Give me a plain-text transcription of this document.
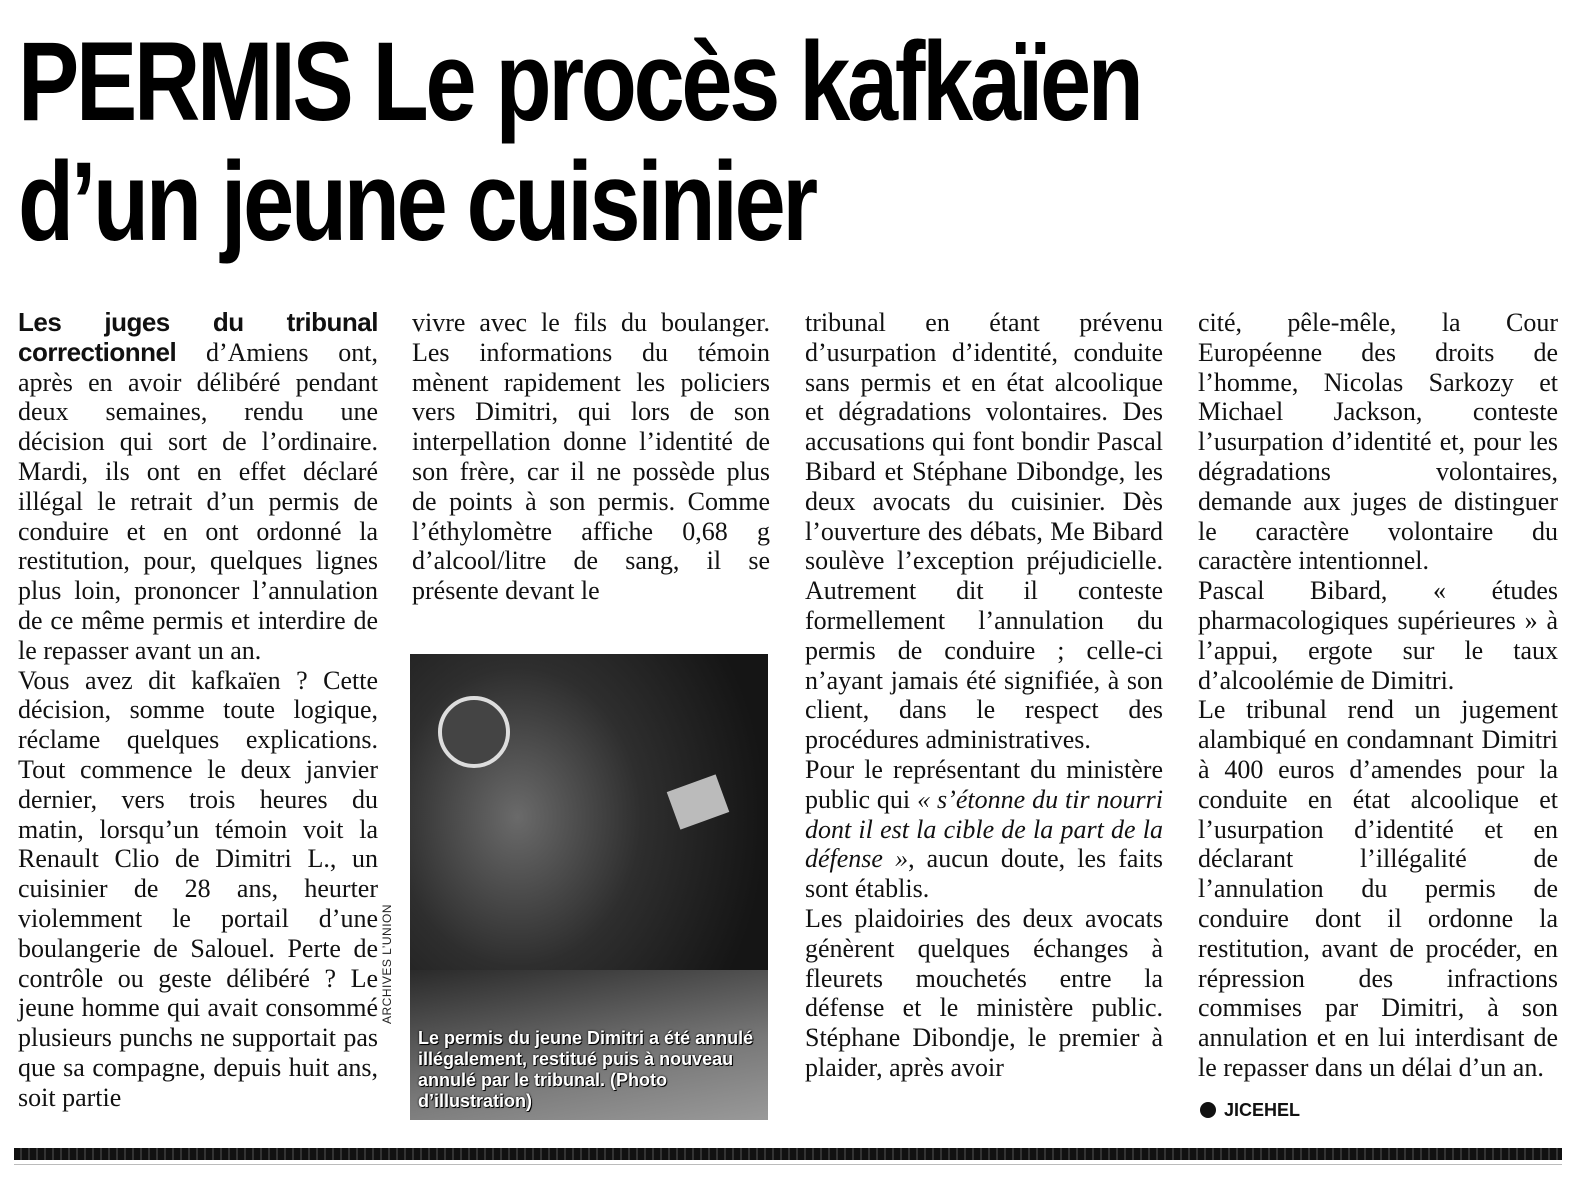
PERMIS Le procès kafkaïen
d’un jeune cuisinier

Les juges du tribunal correctionnel d’Amiens ont, après en avoir délibéré pendant deux semaines, rendu une décision qui sort de l’ordinaire. Mardi, ils ont en effet déclaré illégal le retrait d’un permis de conduire et en ont ordonné la restitution, pour, quelques lignes plus loin, prononcer l’annulation de ce même permis et interdire de le repasser avant un an.

Vous avez dit kafkaïen ? Cette décision, somme toute logique, réclame quelques explications. Tout commence le deux janvier dernier, vers trois heures du matin, lorsqu’un témoin voit la Renault Clio de Dimitri L., un cuisinier de 28 ans, heurter violemment le portail d’une boulangerie de Salouel. Perte de contrôle ou geste délibéré ? Le jeune homme qui avait consommé plusieurs punchs ne supportait pas que sa compagne, depuis huit ans, soit partie

vivre avec le fils du boulanger. Les informations du témoin mènent rapidement les policiers vers Dimitri, qui lors de son interpellation donne l’identité de son frère, car il ne possède plus de points à son permis. Comme l’éthylomètre affiche 0,68 g d’alcool/litre de sang, il se présente devant le

Le permis du jeune Dimitri a été annulé illégalement, restitué puis à nouveau annulé par le tribunal. (Photo d’illustration)
ARCHIVES L’UNION

tribunal en étant prévenu d’usurpation d’identité, conduite sans permis et en état alcoolique et dégradations volontaires. Des accusations qui font bondir Pascal Bibard et Stéphane Dibondge, les deux avocats du cuisinier. Dès l’ouverture des débats, Me Bibard soulève l’exception préjudicielle. Autrement dit il conteste formellement l’annulation du permis de conduire ; celle-ci n’ayant jamais été signifiée, à son client, dans le respect des procédures administratives.

Pour le représentant du ministère public qui « s’étonne du tir nourri dont il est la cible de la part de la défense », aucun doute, les faits sont établis.

Les plaidoiries des deux avocats génèrent quelques échanges à fleurets mouchetés entre la défense et le ministère public. Stéphane Dibondje, le premier à plaider, après avoir

cité, pêle-mêle, la Cour Européenne des droits de l’homme, Nicolas Sarkozy et Michael Jackson, conteste l’usurpation d’identité et, pour les dégradations volontaires, demande aux juges de distinguer le caractère volontaire du caractère intentionnel.

Pascal Bibard, « études pharmacologiques supérieures » à l’appui, ergote sur le taux d’alcoolémie de Dimitri.

Le tribunal rend un jugement alambiqué en condamnant Dimitri à 400 euros d’amendes pour la conduite en état alcoolique et l’usurpation d’identité et en déclarant l’illégalité de l’annulation du permis de conduire dont il ordonne la restitution, avant de procéder, en répression des infractions commises par Dimitri, à son annulation et en lui interdisant de le repasser dans un délai d’un an.

JICEHEL
